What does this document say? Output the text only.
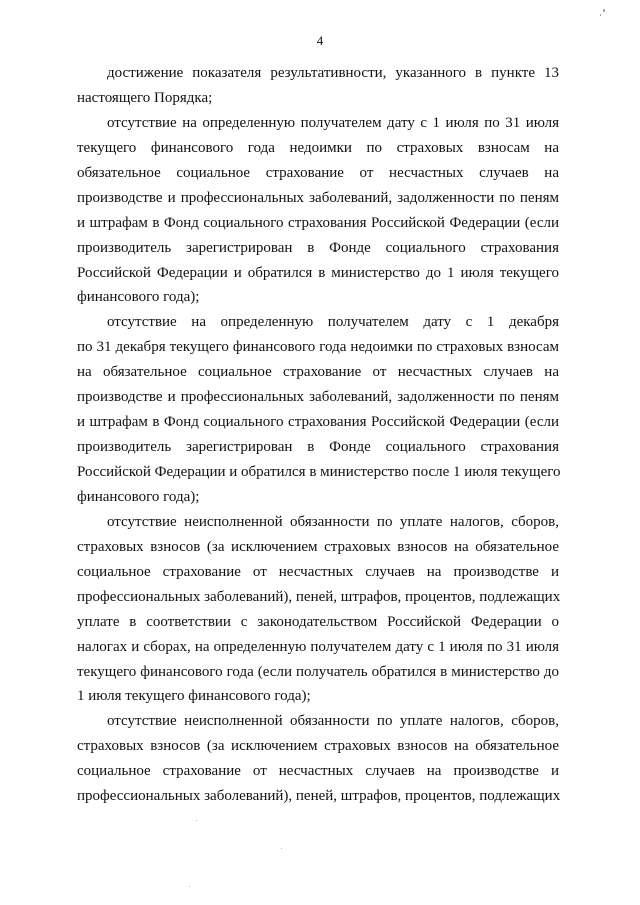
4
достижение показателя результативности, указанного в пункте 13
настоящего Порядка;
отсутствие на определенную получателем дату с 1 июля по 31 июля
текущего финансового года недоимки по страховых взносам на
обязательное социальное страхование от несчастных случаев на
производстве и профессиональных заболеваний, задолженности по пеням
и штрафам в Фонд социального страхования Российской Федерации (если
производитель зарегистрирован в Фонде социального страхования
Российской Федерации и обратился в министерство до 1 июля текущего
финансового года);
отсутствие на определенную получателем дату с 1 декабря
по 31 декабря текущего финансового года недоимки по страховых взносам
на обязательное социальное страхование от несчастных случаев на
производстве и профессиональных заболеваний, задолженности по пеням
и штрафам в Фонд социального страхования Российской Федерации (если
производитель зарегистрирован в Фонде социального страхования
Российской Федерации и обратился в министерство после 1 июля текущего
финансового года);
отсутствие неисполненной обязанности по уплате налогов, сборов,
страховых взносов (за исключением страховых взносов на обязательное
социальное страхование от несчастных случаев на производстве и
профессиональных заболеваний), пеней, штрафов, процентов, подлежащих
уплате в соответствии с законодательством Российской Федерации о
налогах и сборах, на определенную получателем дату с 1 июля по 31 июля
текущего финансового года (если получатель обратился в министерство до
1 июля текущего финансового года);
отсутствие неисполненной обязанности по уплате налогов, сборов,
страховых взносов (за исключением страховых взносов на обязательное
социальное страхование от несчастных случаев на производстве и
профессиональных заболеваний), пеней, штрафов, процентов, подлежащих
